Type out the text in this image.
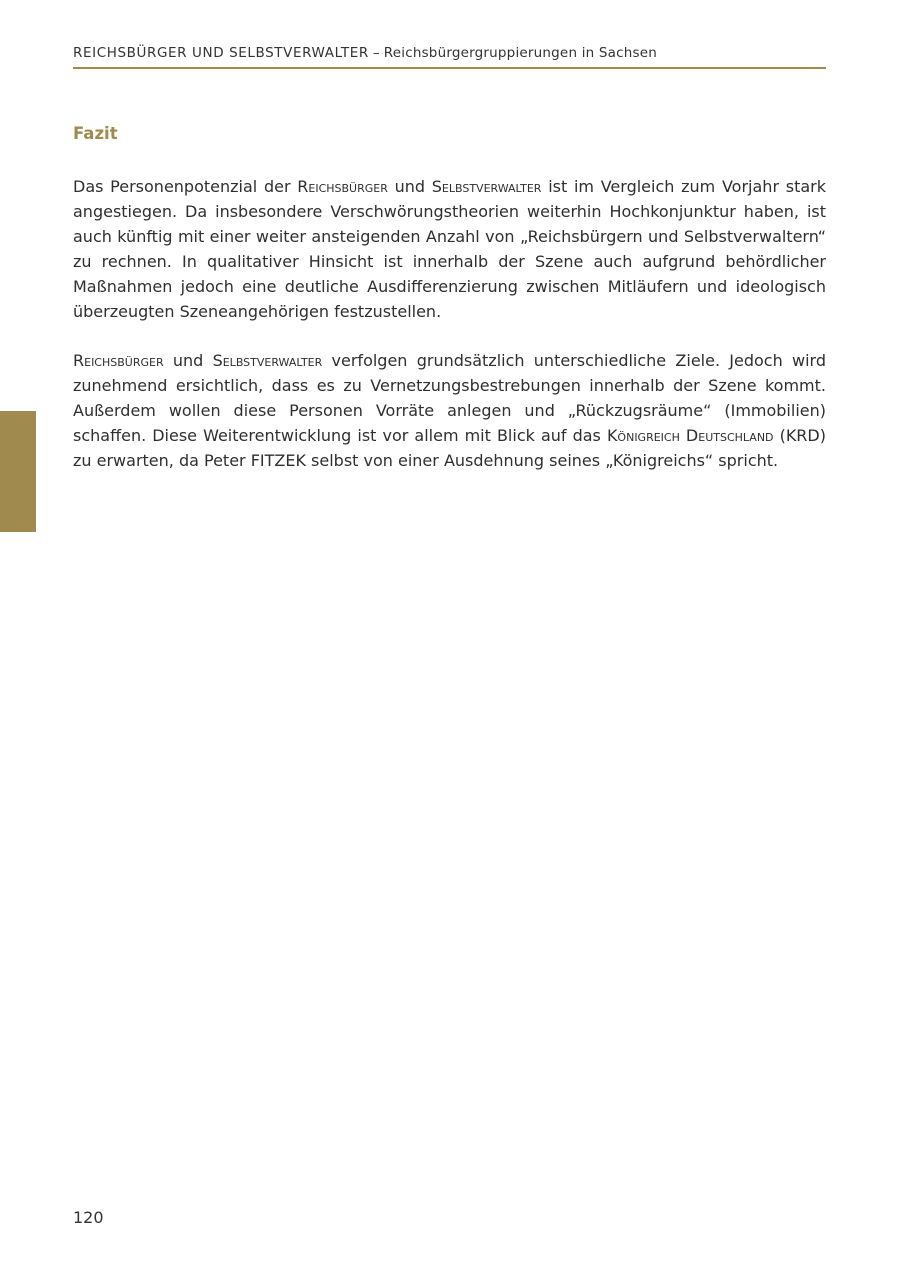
REICHSBÜRGER UND SELBSTVERWALTER – Reichsbürgergruppierungen in Sachsen
Fazit

Das Personenpotenzial der Reichsbürger und Selbstverwalter ist im Vergleich zum Vorjahr stark angestiegen. Da insbesondere Verschwörungstheorien weiterhin Hochkonjunktur haben, ist auch künftig mit einer weiter ansteigenden Anzahl von „Reichsbürgern und Selbstverwaltern“ zu rechnen. In qualitativer Hinsicht ist innerhalb der Szene auch aufgrund behördlicher Maßnahmen jedoch eine deutliche Ausdifferenzierung zwischen Mitläufern und ideologisch überzeugten Szeneangehörigen festzustellen.

Reichsbürger und Selbstverwalter verfolgen grundsätzlich unterschiedliche Ziele. Jedoch wird zunehmend ersichtlich, dass es zu Vernetzungsbestrebungen innerhalb der Szene kommt. Außerdem wollen diese Personen Vorräte anlegen und „Rückzugsräume“ (Immobilien) schaffen. Diese Weiterentwicklung ist vor allem mit Blick auf das Königreich Deutschland (KRD) zu erwarten, da Peter FITZEK selbst von einer Ausdehnung seines „Königreichs“ spricht.

120
